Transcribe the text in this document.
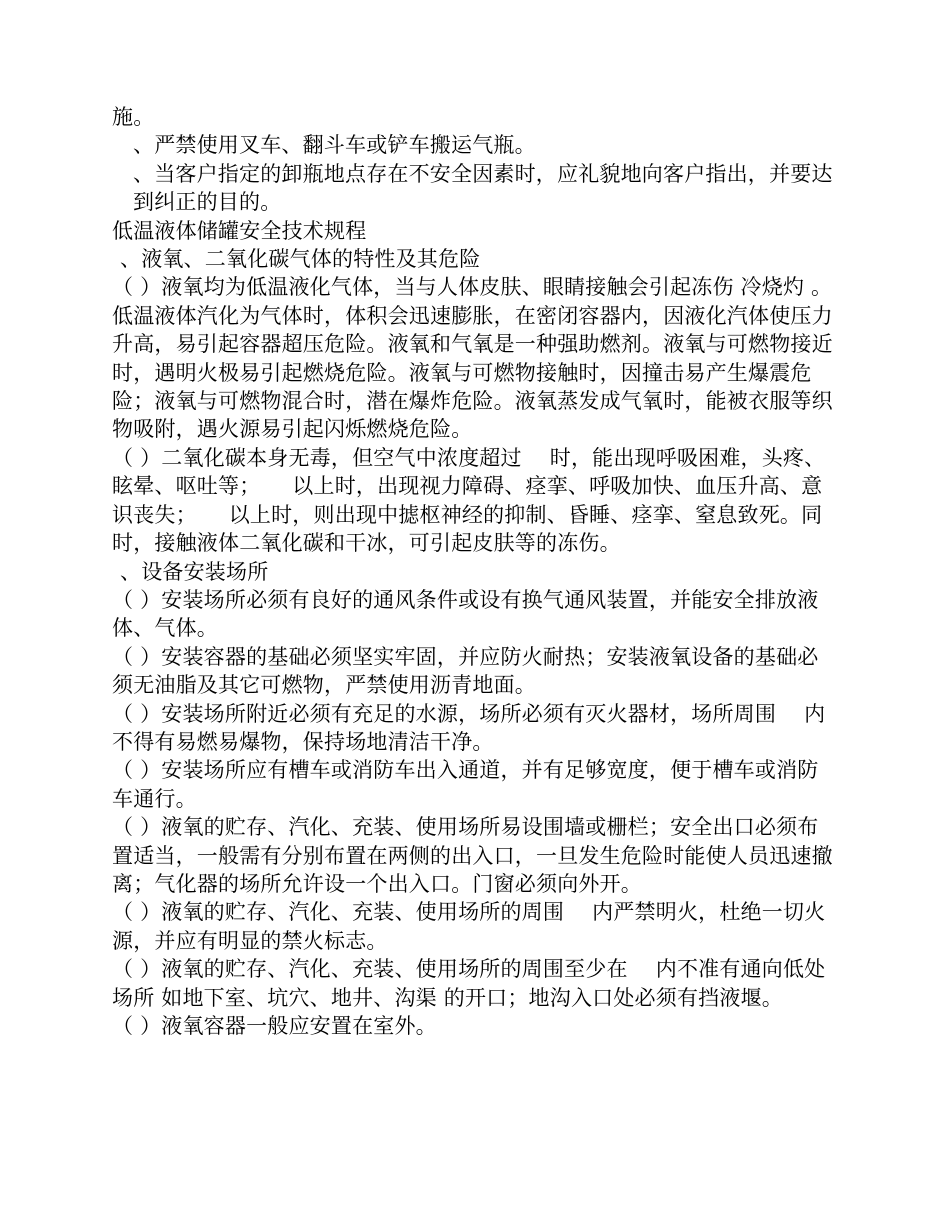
施。

、严禁使用叉车、翻斗车或铲车搬运气瓶。

、当客户指定的卸瓶地点存在不安全因素时，应礼貌地向客户指出，并要达到纠正的目的。

低温液体储罐安全技术规程

、液氧、二氧化碳气体的特性及其危险

（ ）液氧均为低温液化气体，当与人体皮肤、眼睛接触会引起冻伤 冷烧灼 。低温液体汽化为气体时，体积会迅速膨胀，在密闭容器内，因液化汽体使压力升高，易引起容器超压危险。液氧和气氧是一种强助燃剂。液氧与可燃物接近时，遇明火极易引起燃烧危险。液氧与可燃物接触时，因撞击易产生爆震危险；液氧与可燃物混合时，潜在爆炸危险。液氧蒸发成气氧时，能被衣服等织物吸附，遇火源易引起闪烁燃烧危险。

（ ）二氧化碳本身无毒，但空气中浓度超过　 时，能出现呼吸困难，头疼、眩晕、呕吐等；　　以上时，出现视力障碍、痉挛、呼吸加快、血压升高、意识丧失；　　以上时，则出现中摅枢神经的抑制、昏睡、痉挛、窒息致死。同时，接触液体二氧化碳和干冰，可引起皮肤等的冻伤。

、设备安装场所

（ ）安装场所必须有良好的通风条件或设有换气通风装置，并能安全排放液体、气体。

（ ）安装容器的基础必须坚实牢固，并应防火耐热；安装液氧设备的基础必须无油脂及其它可燃物，严禁使用沥青地面。

（ ）安装场所附近必须有充足的水源，场所必须有灭火器材，场所周围　 内不得有易燃易爆物，保持场地清洁干净。

（ ）安装场所应有槽车或消防车出入通道，并有足够宽度，便于槽车或消防车通行。

（ ）液氧的贮存、汽化、充装、使用场所易设围墙或栅栏；安全出口必须布置适当，一般需有分别布置在两侧的出入口，一旦发生危险时能使人员迅速撤离；气化器的场所允许设一个出入口。门窗必须向外开。

（ ）液氧的贮存、汽化、充装、使用场所的周围　 内严禁明火，杜绝一切火源，并应有明显的禁火标志。

（ ）液氧的贮存、汽化、充装、使用场所的周围至少在　 内不准有通向低处场所 如地下室、坑穴、地井、沟渠 的开口；地沟入口处必须有挡液堰。

（ ）液氧容器一般应安置在室外。
